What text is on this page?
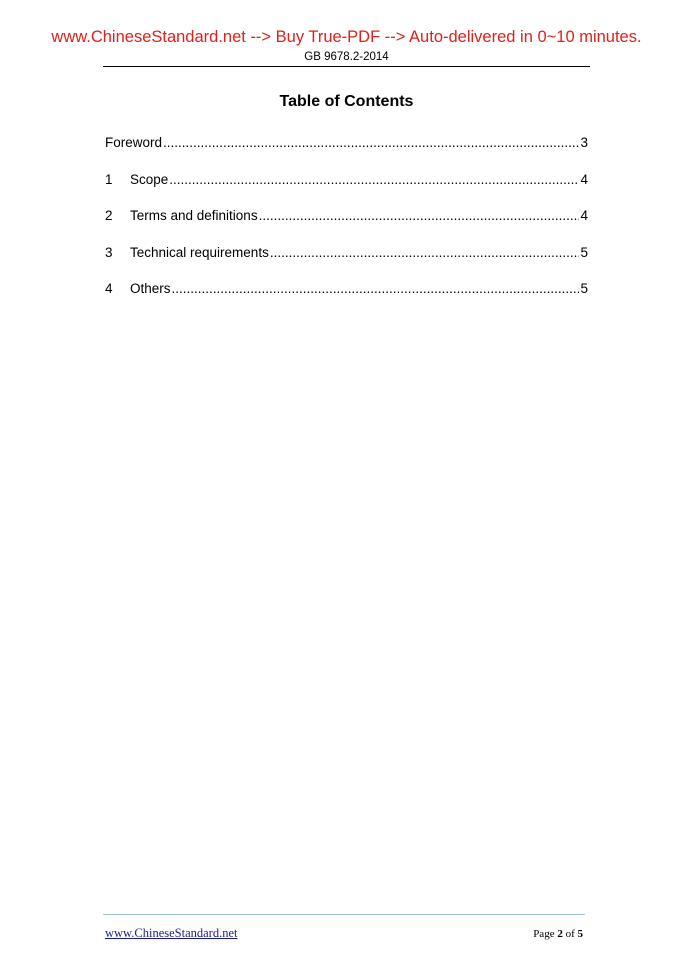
www.ChineseStandard.net --> Buy True-PDF --> Auto-delivered in 0~10 minutes.
GB 9678.2-2014
Table of Contents
Foreword .....	3
1	Scope .....	4
2	Terms and definitions .....	4
3	Technical requirements .....	5
4	Others .....	5
www.ChineseStandard.net	Page 2 of 5
